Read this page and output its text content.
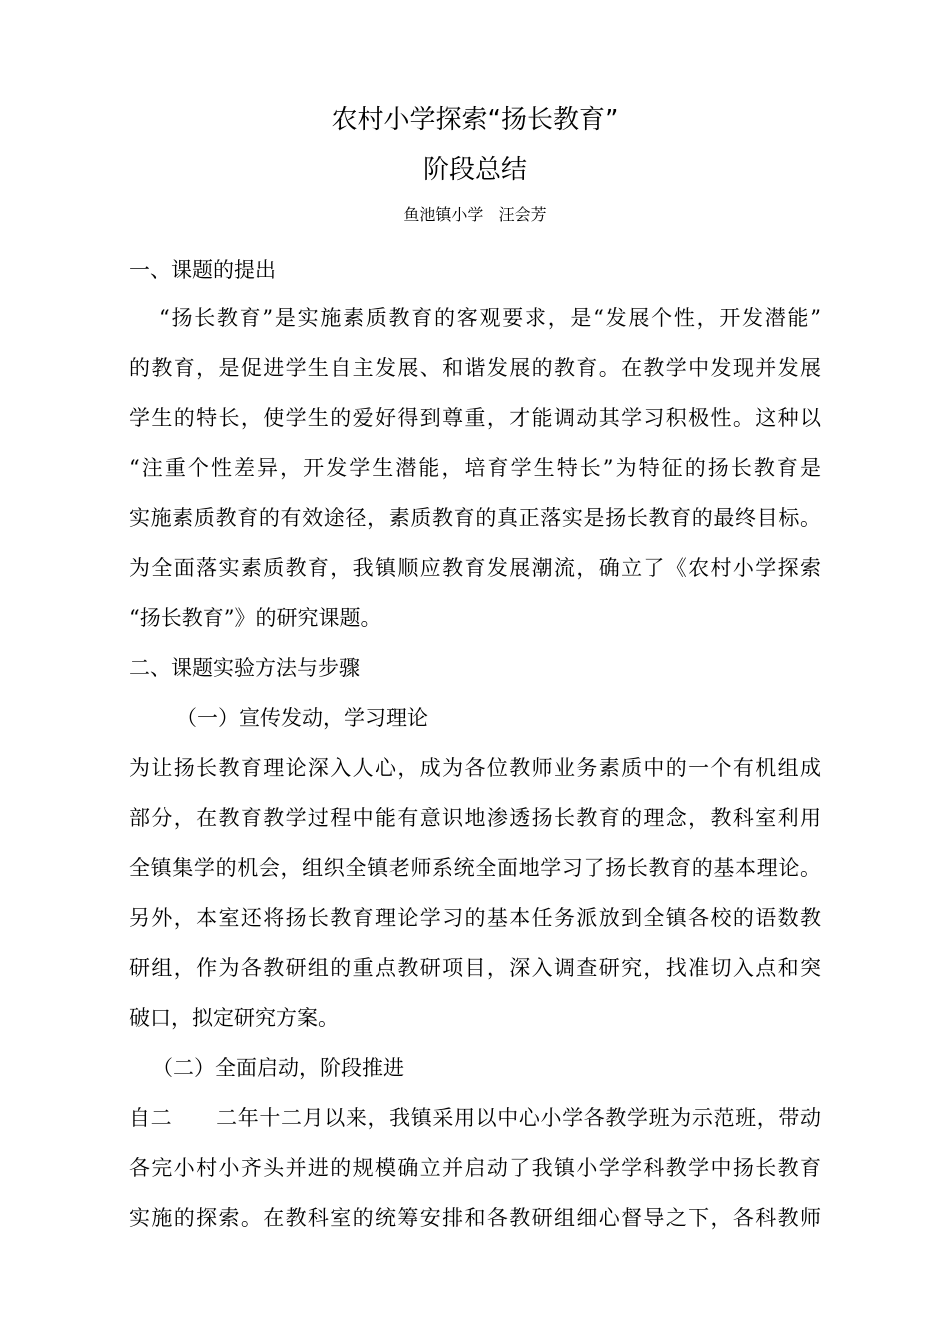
农村小学探索“扬长教育”
阶段总结
鱼池镇小学   汪会芳
一、课题的提出
“扬长教育”是实施素质教育的客观要求，是“发展个性，开发潜能”
的教育，是促进学生自主发展、和谐发展的教育。在教学中发现并发展
学生的特长，使学生的爱好得到尊重，才能调动其学习积极性。这种以
“注重个性差异，开发学生潜能，培育学生特长”为特征的扬长教育是
实施素质教育的有效途径，素质教育的真正落实是扬长教育的最终目标。
为全面落实素质教育，我镇顺应教育发展潮流，确立了《农村小学探索
“扬长教育”》的研究课题。
二、课题实验方法与步骤
（一）宣传发动，学习理论
为让扬长教育理论深入人心，成为各位教师业务素质中的一个有机组成
部分，在教育教学过程中能有意识地渗透扬长教育的理念，教科室利用
全镇集学的机会，组织全镇老师系统全面地学习了扬长教育的基本理论。
另外，本室还将扬长教育理论学习的基本任务派放到全镇各校的语数教
研组，作为各教研组的重点教研项目，深入调查研究，找准切入点和突
破口，拟定研究方案。
（二）全面启动，阶段推进
自二      二年十二月以来，我镇采用以中心小学各教学班为示范班，带动
各完小村小齐头并进的规模确立并启动了我镇小学学科教学中扬长教育
实施的探索。在教科室的统筹安排和各教研组细心督导之下，各科教师
